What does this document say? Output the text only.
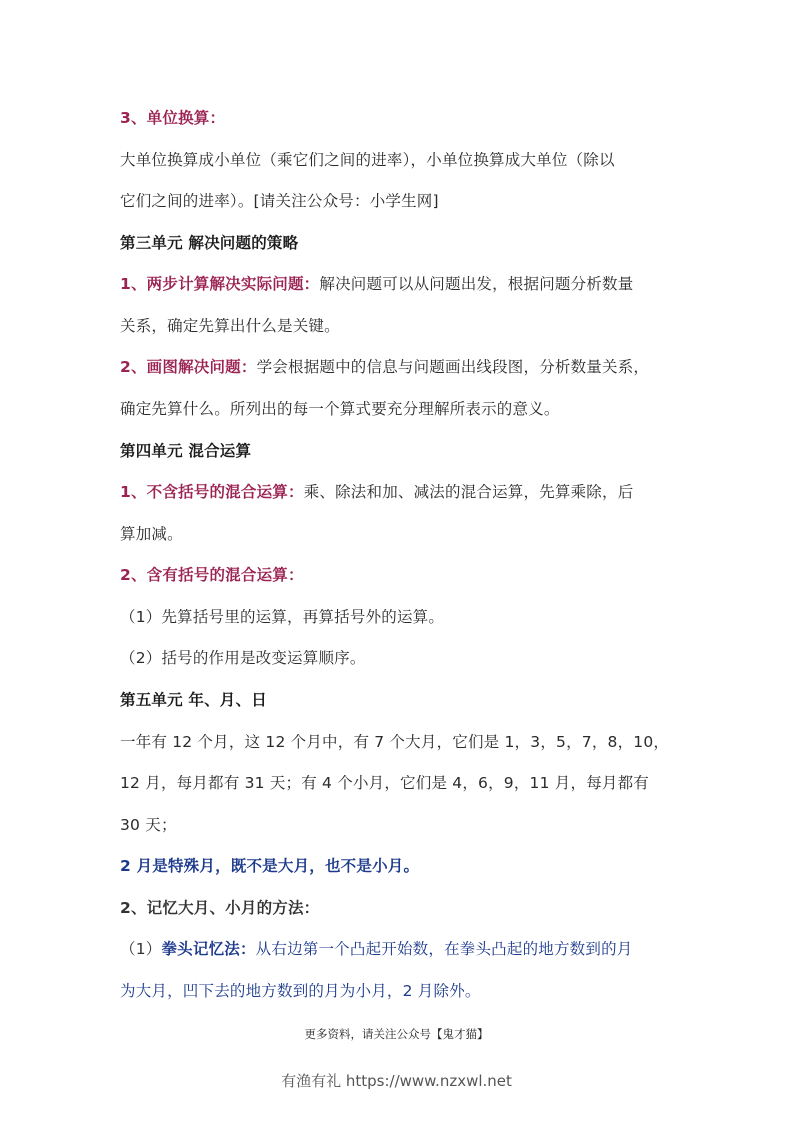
3、单位换算：
大单位换算成小单位（乘它们之间的进率），小单位换算成大单位（除以
它们之间的进率）。[请关注公众号：小学生网]
第三单元 解决问题的策略
1、两步计算解决实际问题：解决问题可以从问题出发，根据问题分析数量
关系，确定先算出什么是关键。
2、画图解决问题：学会根据题中的信息与问题画出线段图，分析数量关系，
确定先算什么。所列出的每一个算式要充分理解所表示的意义。
第四单元 混合运算
1、不含括号的混合运算：乘、除法和加、减法的混合运算，先算乘除，后
算加减。
2、含有括号的混合运算：
（1）先算括号里的运算，再算括号外的运算。
（2）括号的作用是改变运算顺序。
第五单元 年、月、日
一年有 12 个月，这 12 个月中，有 7 个大月，它们是 1，3，5，7，8，10，
12 月，每月都有 31 天；有 4 个小月，它们是 4，6，9，11 月，每月都有
30 天；
2 月是特殊月，既不是大月，也不是小月。
2、记忆大月、小月的方法：
（1）拳头记忆法：从右边第一个凸起开始数，在拳头凸起的地方数到的月
为大月，凹下去的地方数到的月为小月，2 月除外。
更多资料，请关注公众号【鬼才猫】
有渔有礼 https://www.nzxwl.net
